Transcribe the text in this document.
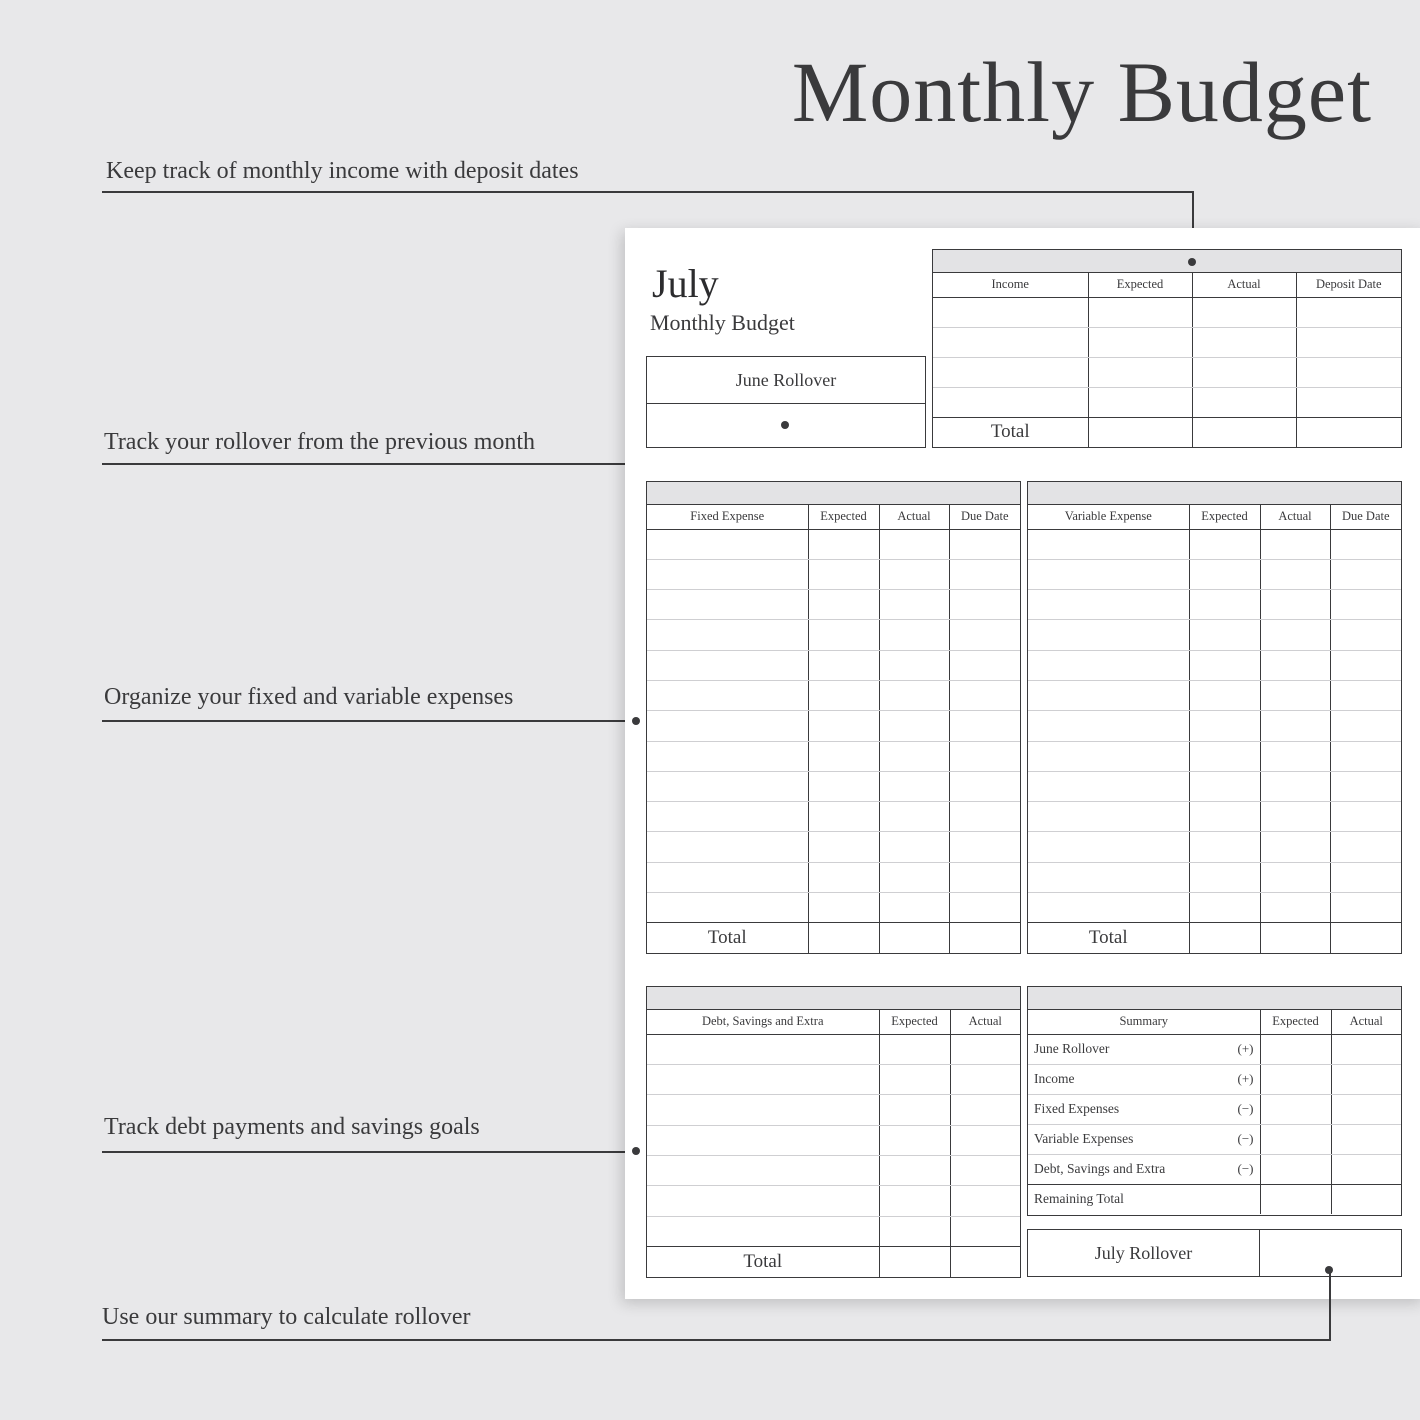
Monthly Budget
Keep track of monthly income with deposit dates
Track your rollover from the previous month
Organize your fixed and variable expenses
Track debt payments and savings goals
July
Monthly Budget
June Rollover
Income	Expected	Actual	Deposit Date

Total			
Fixed Expense	Expected	Actual	Due Date

Total			
Variable Expense	Expected	Actual	Due Date

Total			
Debt, Savings and Extra	Expected	Actual

Total		
Summary	Expected	Actual

June Rollover (+)		

Income (+)		

Fixed Expenses (−)		

Variable Expenses (−)		

Debt, Savings and Extra (−)		

Remaining Total		
July Rollover
Use our summary to calculate rollover
